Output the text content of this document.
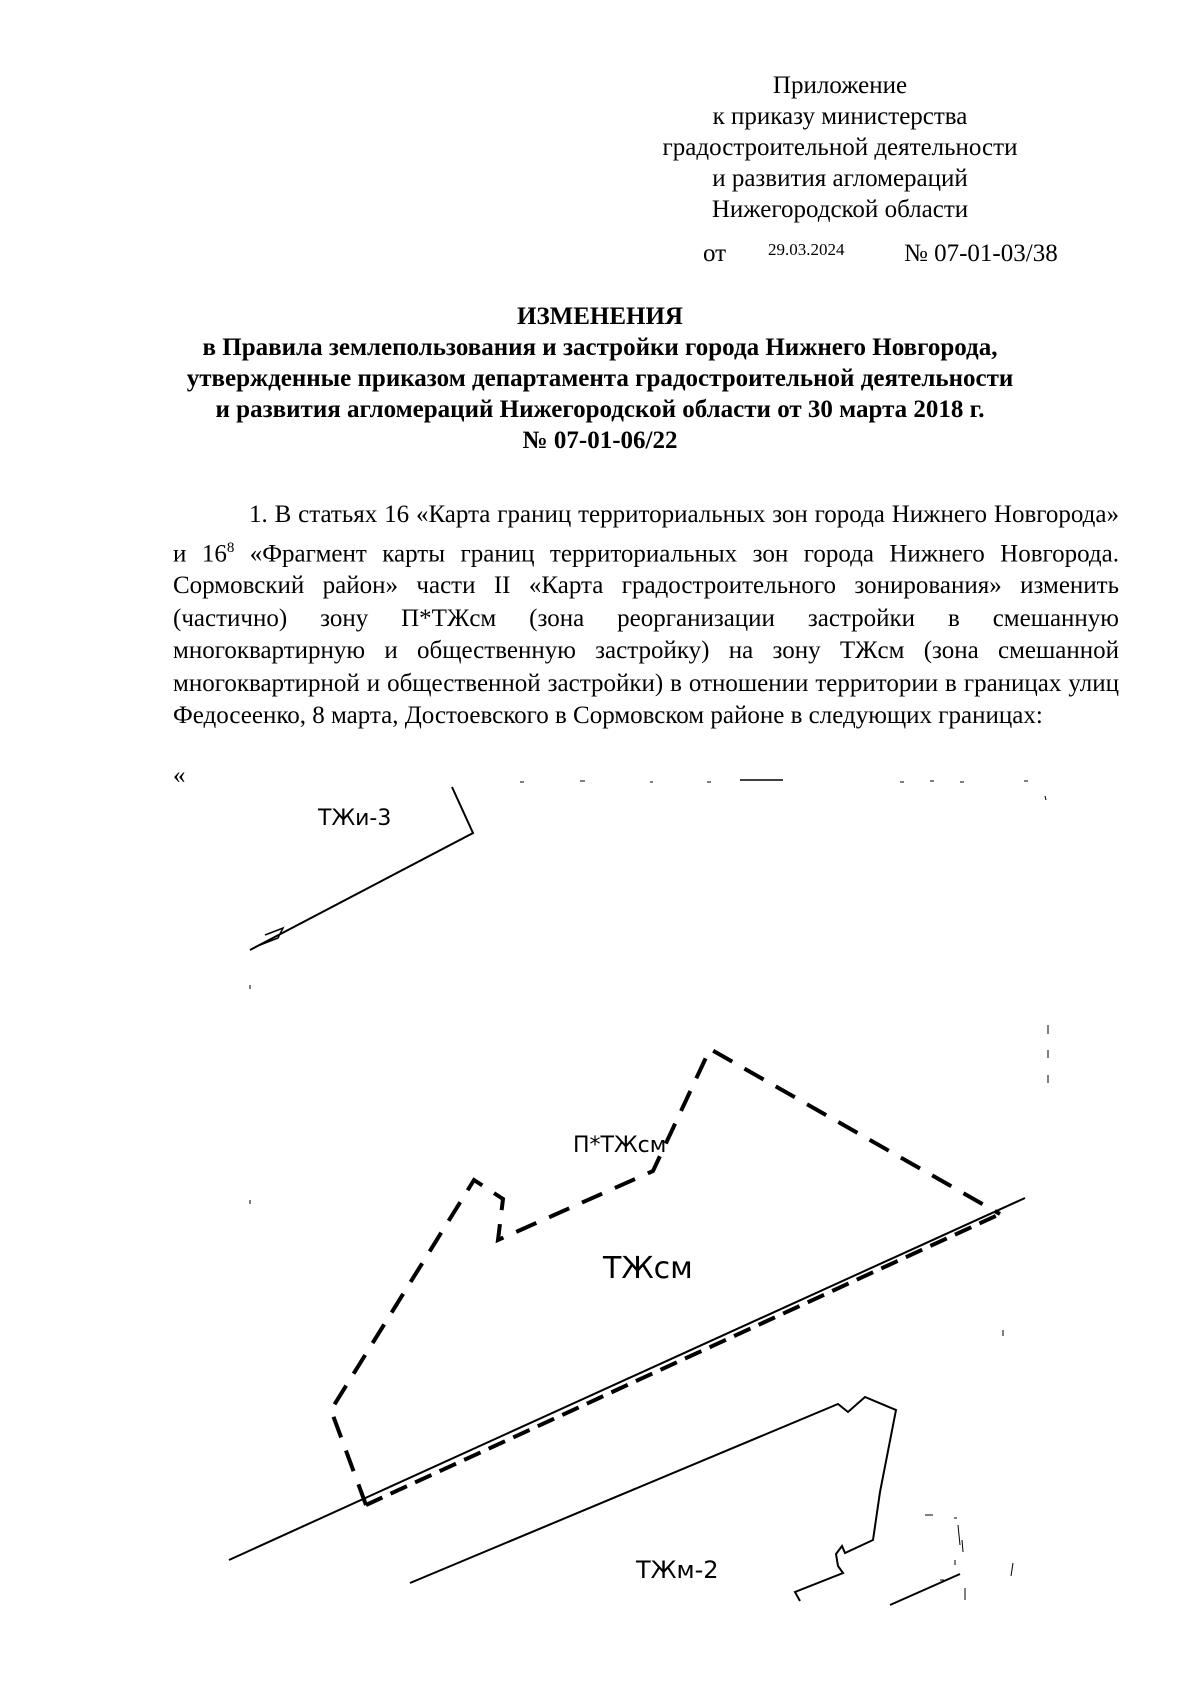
Приложение
к приказу министерства
градостроительной деятельности
и развития агломераций
Нижегородской области
от 29.03.2024 № 07-01-03/38
ИЗМЕНЕНИЯ
в Правила землепользования и застройки города Нижнего Новгорода,
утвержденные приказом департамента градостроительной деятельности
и развития агломераций Нижегородской области от 30 марта 2018 г.
№ 07-01-06/22

1. В статьях 16 «Карта границ территориальных зон города Нижнего Новгорода» и $16^8$ «Фрагмент карты границ территориальных зон города Нижнего Новгорода. Сормовский район» части II «Карта градостроительного зонирования» изменить (частично) зону П*ТЖсм (зона реорганизации застройки в смешанную многоквартирную и общественную застройку) на зону ТЖсм (зона смешанной многоквартирной и общественной застройки) в отношении территории в границах улиц Федосеенко, 8 марта, Достоевского в Сормовском районе в следующих границах:

«
ТЖи-3
П*ТЖсм
ТЖсм
ТЖм-2
